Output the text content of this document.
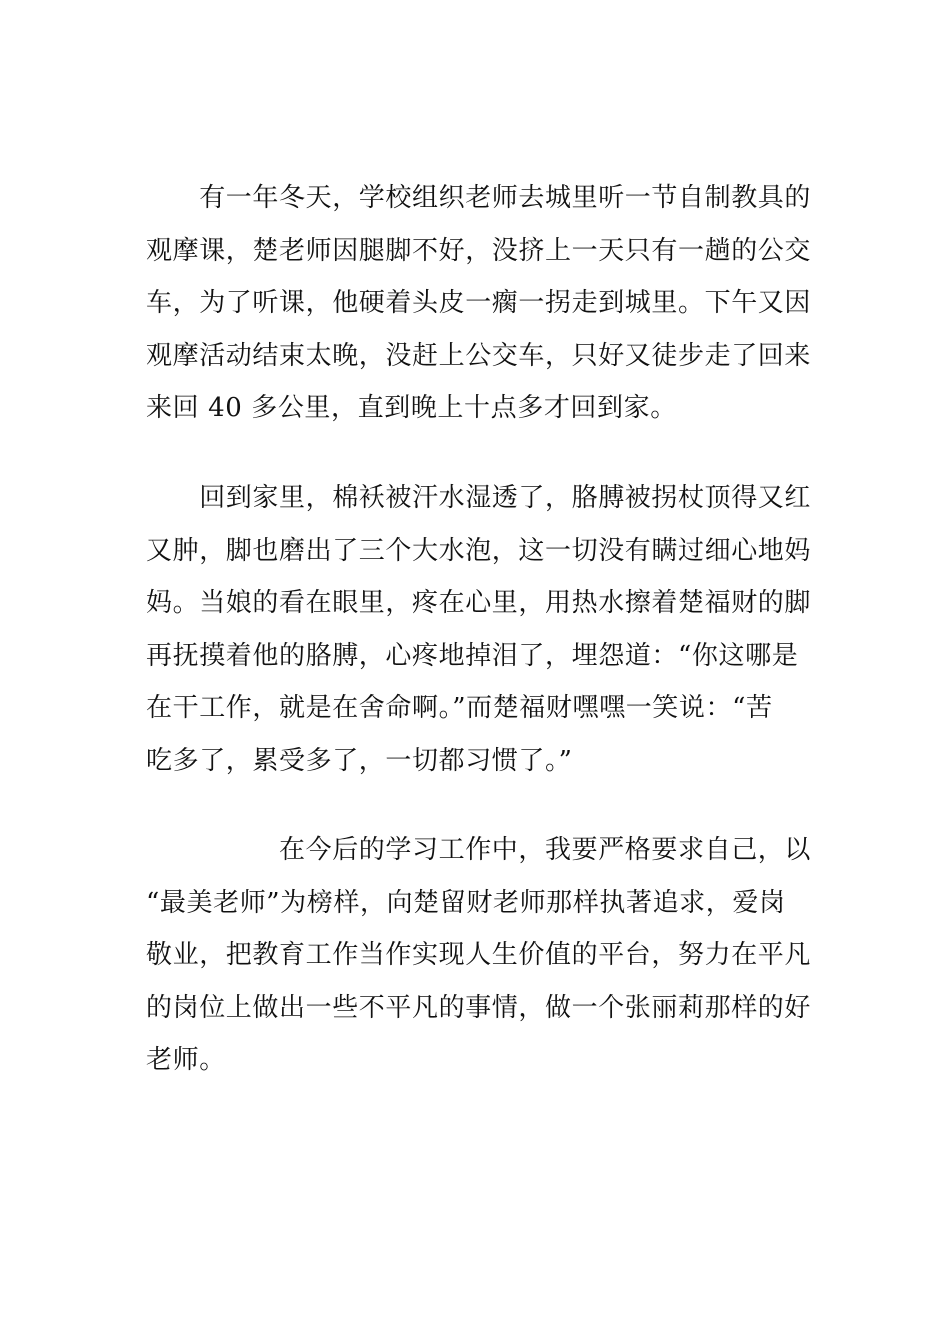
　　有一年冬天，学校组织老师去城里听一节自制教具的
观摩课，楚老师因腿脚不好，没挤上一天只有一趟的公交
车，为了听课，他硬着头皮一瘸一拐走到城里。下午又因
观摩活动结束太晚，没赶上公交车，只好又徒步走了回来
来回 40 多公里，直到晚上十点多才回到家。

　　回到家里，棉袄被汗水湿透了，胳膊被拐杖顶得又红
又肿，脚也磨出了三个大水泡，这一切没有瞒过细心地妈
妈。当娘的看在眼里，疼在心里，用热水擦着楚福财的脚
再抚摸着他的胳膊，心疼地掉泪了，埋怨道：“你这哪是
在干工作，就是在舍命啊。”而楚福财嘿嘿一笑说：“苦
吃多了，累受多了，一切都习惯了。”

　　　　　在今后的学习工作中，我要严格要求自己，以
“最美老师”为榜样，向楚留财老师那样执著追求，爱岗
敬业，把教育工作当作实现人生价值的平台，努力在平凡
的岗位上做出一些不平凡的事情，做一个张丽莉那样的好
老师。
